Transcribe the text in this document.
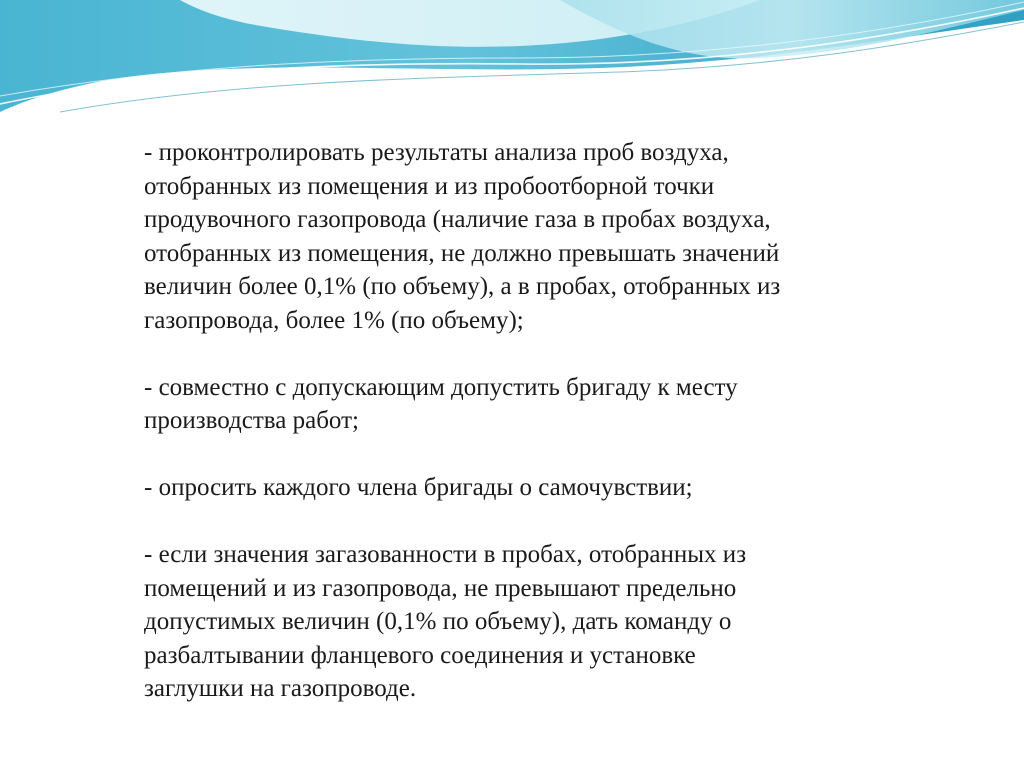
- проконтролировать результаты анализа проб воздуха,
отобранных из помещения и из пробоотборной точки
продувочного газопровода (наличие газа в пробах воздуха,
отобранных из помещения, не должно превышать значений
величин более 0,1% (по объему), а в пробах, отобранных из
газопровода, более 1% (по объему);

- совместно с допускающим допустить бригаду к месту
производства работ;

- опросить каждого члена бригады о самочувствии;

- если значения загазованности в пробах, отобранных из
помещений и из газопровода, не превышают предельно
допустимых величин (0,1% по объему), дать команду о
разбалтывании фланцевого соединения и установке
заглушки на газопроводе.
